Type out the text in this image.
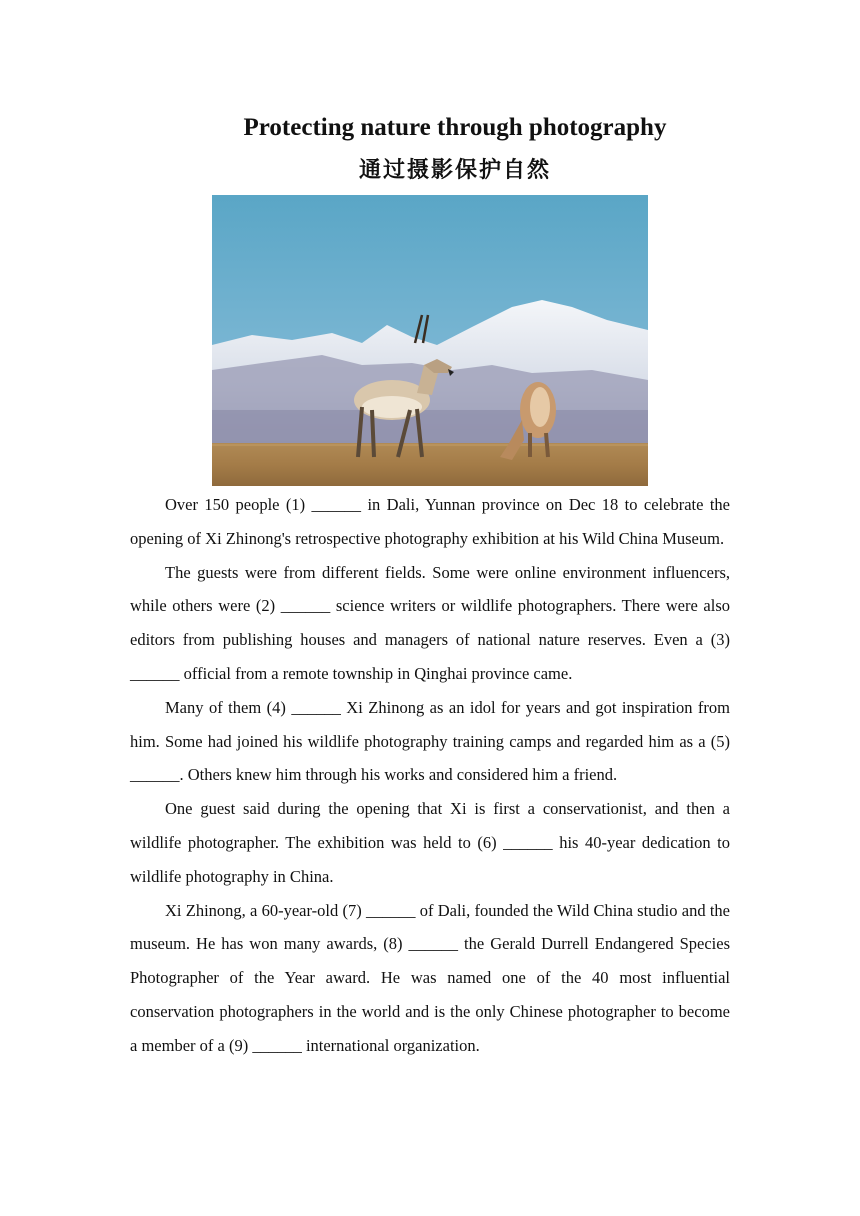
Protecting nature through photography
通过摄影保护自然

Over 150 people (1) ______ in Dali, Yunnan province on Dec 18 to celebrate the opening of Xi Zhinong's retrospective photography exhibition at his Wild China Museum.

The guests were from different fields. Some were online environment influencers, while others were (2) ______ science writers or wildlife photographers. There were also editors from publishing houses and managers of national nature reserves. Even a (3) ______ official from a remote township in Qinghai province came.

Many of them (4) ______ Xi Zhinong as an idol for years and got inspiration from him. Some had joined his wildlife photography training camps and regarded him as a (5) ______. Others knew him through his works and considered him a friend.

One guest said during the opening that Xi is first a conservationist, and then a wildlife photographer. The exhibition was held to (6) ______ his 40-year dedication to wildlife photography in China.

Xi Zhinong, a 60-year-old (7) ______ of Dali, founded the Wild China studio and the museum. He has won many awards, (8) ______ the Gerald Durrell Endangered Species Photographer of the Year award. He was named one of the 40 most influential conservation photographers in the world and is the only Chinese photographer to become a member of a (9) ______ international organization.
